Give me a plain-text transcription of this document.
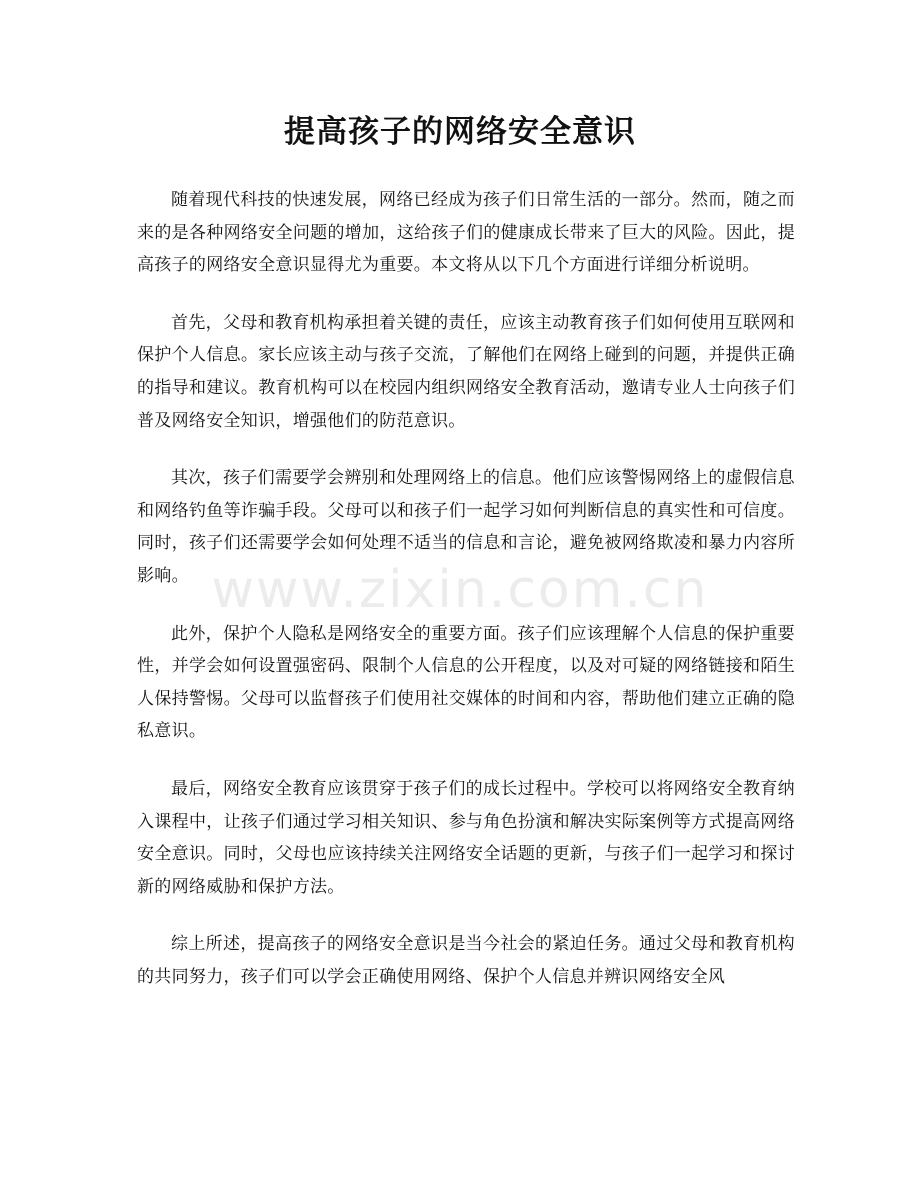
提高孩子的网络安全意识
www.zixin.com.cn

随着现代科技的快速发展，网络已经成为孩子们日常生活的一部分。然而，随之而来的是各种网络安全问题的增加，这给孩子们的健康成长带来了巨大的风险。因此，提高孩子的网络安全意识显得尤为重要。本文将从以下几个方面进行详细分析说明。

首先，父母和教育机构承担着关键的责任，应该主动教育孩子们如何使用互联网和保护个人信息。家长应该主动与孩子交流，了解他们在网络上碰到的问题，并提供正确的指导和建议。教育机构可以在校园内组织网络安全教育活动，邀请专业人士向孩子们普及网络安全知识，增强他们的防范意识。

其次，孩子们需要学会辨别和处理网络上的信息。他们应该警惕网络上的虚假信息和网络钓鱼等诈骗手段。父母可以和孩子们一起学习如何判断信息的真实性和可信度。同时，孩子们还需要学会如何处理不适当的信息和言论，避免被网络欺凌和暴力内容所影响。

此外，保护个人隐私是网络安全的重要方面。孩子们应该理解个人信息的保护重要性，并学会如何设置强密码、限制个人信息的公开程度，以及对可疑的网络链接和陌生人保持警惕。父母可以监督孩子们使用社交媒体的时间和内容，帮助他们建立正确的隐私意识。

最后，网络安全教育应该贯穿于孩子们的成长过程中。学校可以将网络安全教育纳入课程中，让孩子们通过学习相关知识、参与角色扮演和解决实际案例等方式提高网络安全意识。同时，父母也应该持续关注网络安全话题的更新，与孩子们一起学习和探讨新的网络威胁和保护方法。

综上所述，提高孩子的网络安全意识是当今社会的紧迫任务。通过父母和教育机构的共同努力，孩子们可以学会正确使用网络、保护个人信息并辨识网络安全风
